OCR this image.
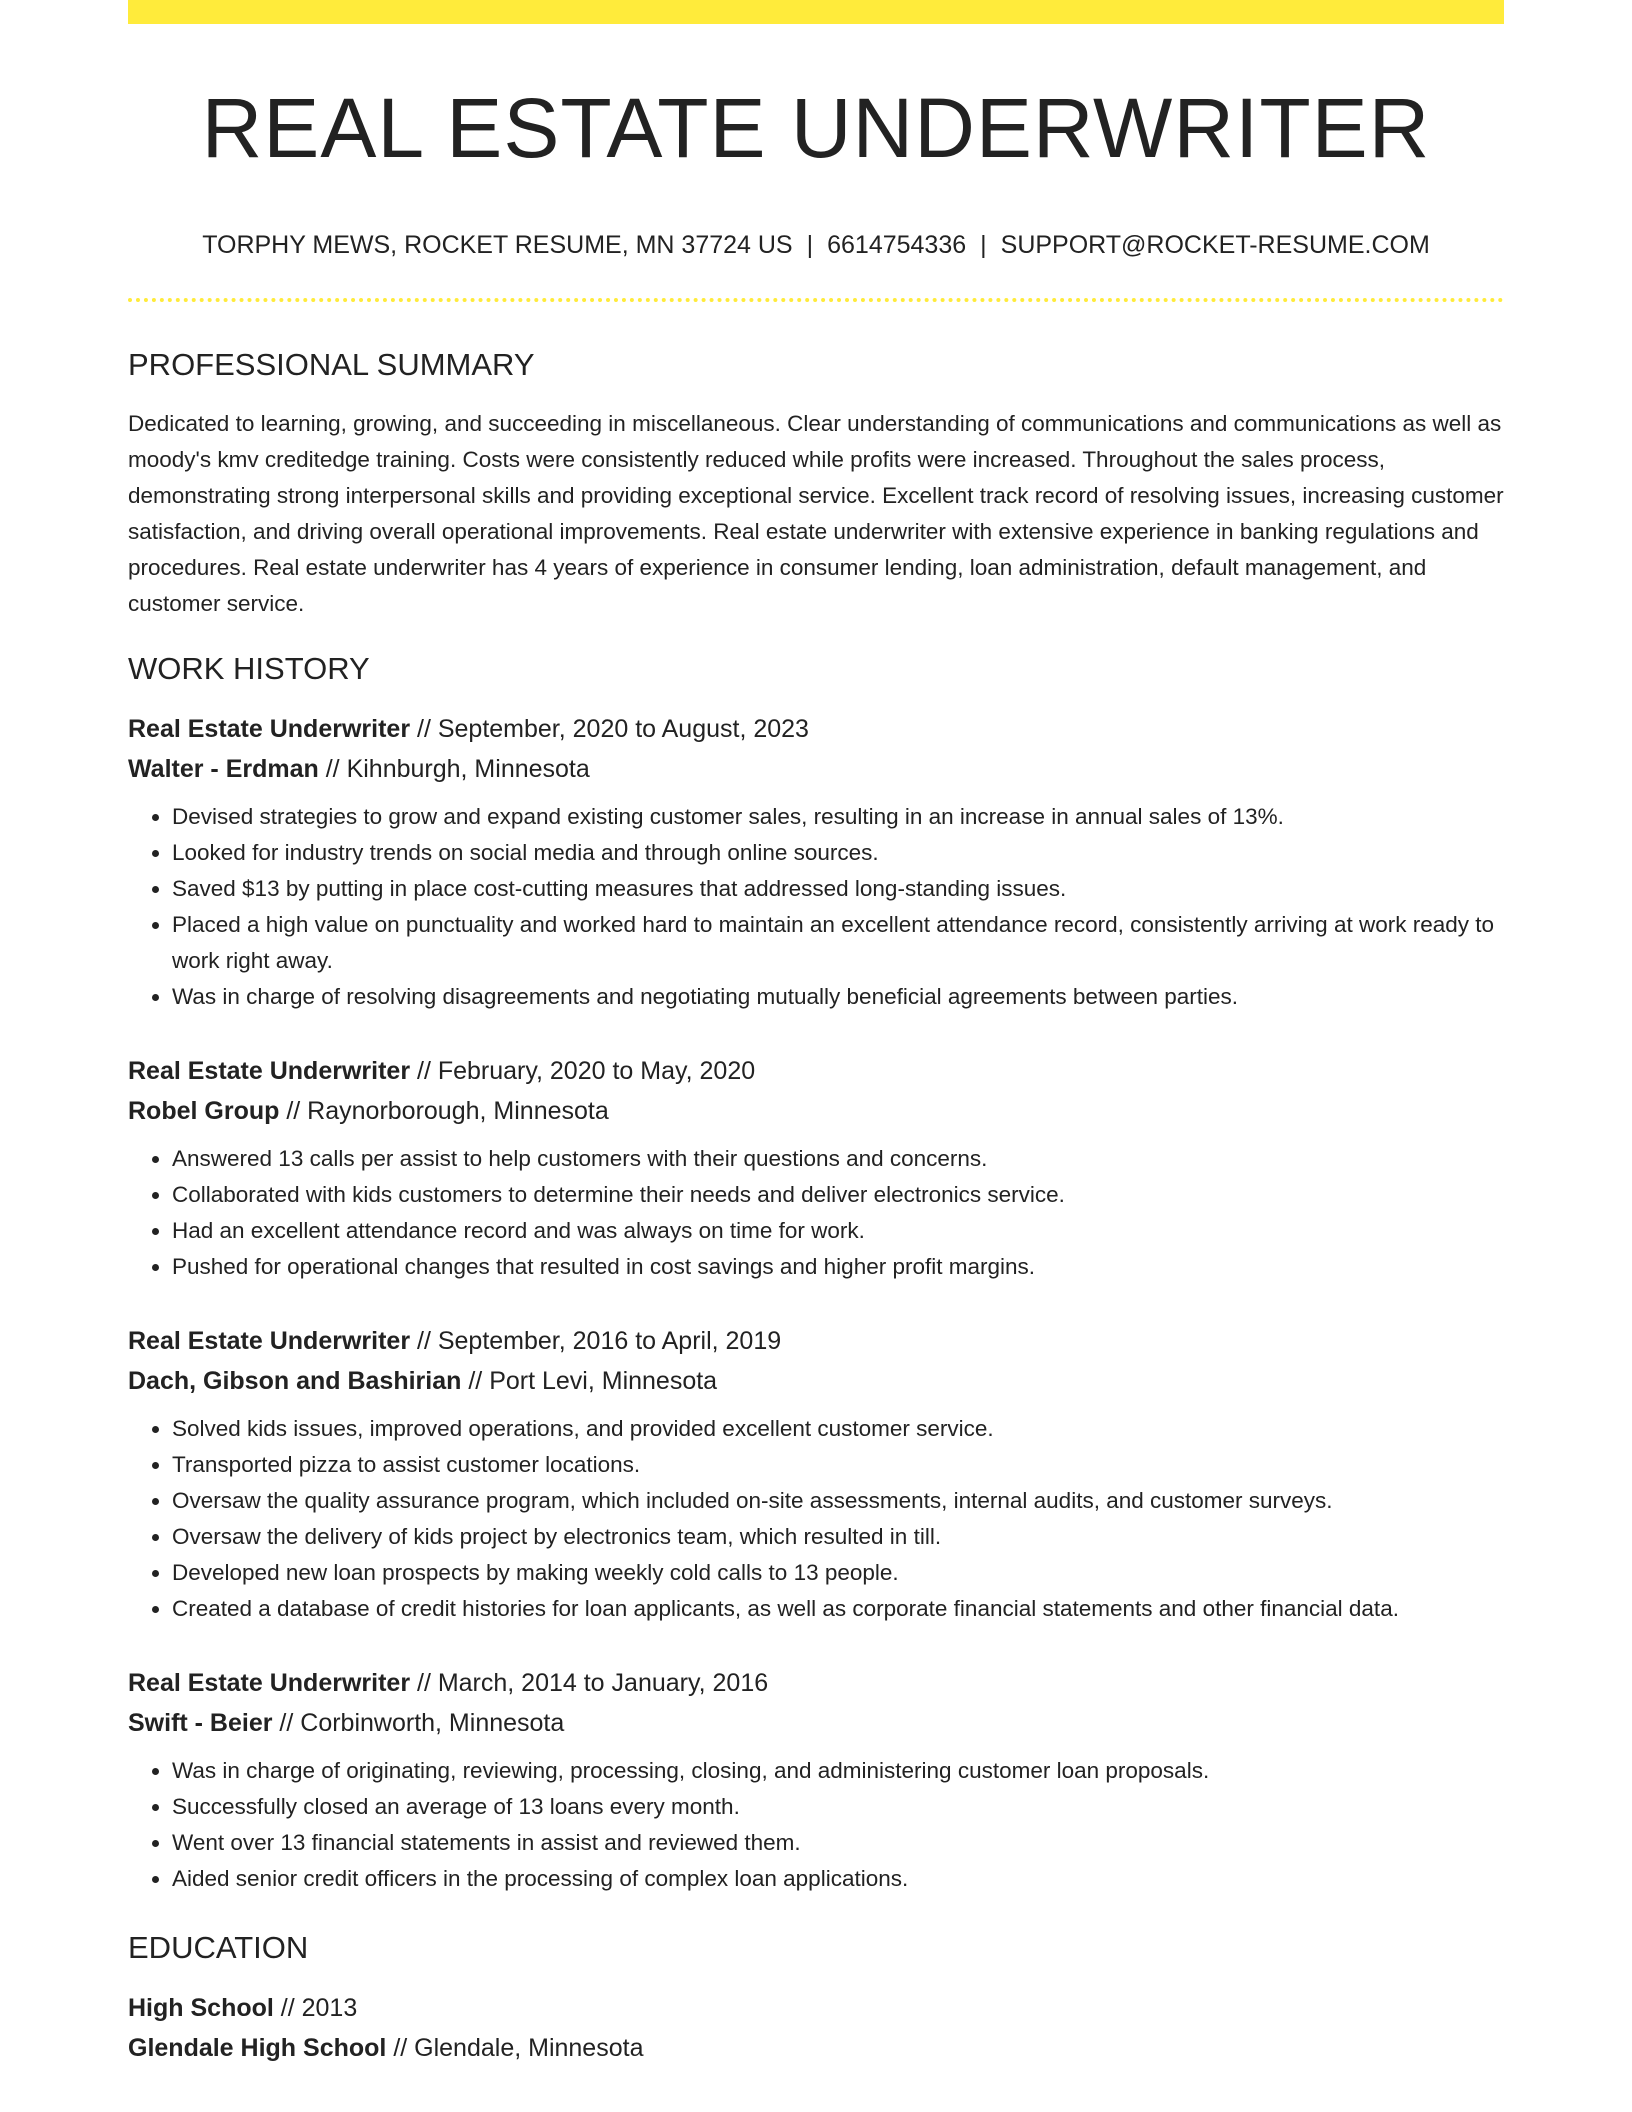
REAL ESTATE UNDERWRITER
TORPHY MEWS, ROCKET RESUME, MN 37724 US | 6614754336 | SUPPORT@ROCKET-RESUME.COM
PROFESSIONAL SUMMARY

Dedicated to learning, growing, and succeeding in miscellaneous. Clear understanding of communications and communications as well as moody's kmv creditedge training. Costs were consistently reduced while profits were increased. Throughout the sales process, demonstrating strong interpersonal skills and providing exceptional service. Excellent track record of resolving issues, increasing customer satisfaction, and driving overall operational improvements. Real estate underwriter with extensive experience in banking regulations and procedures. Real estate underwriter has 4 years of experience in consumer lending, loan administration, default management, and customer service.

WORK HISTORY
Real Estate Underwriter // September, 2020 to August, 2023
Walter - Erdman // Kihnburgh, Minnesota
• Devised strategies to grow and expand existing customer sales, resulting in an increase in annual sales of 13%.
• Looked for industry trends on social media and through online sources.
• Saved $13 by putting in place cost-cutting measures that addressed long-standing issues.
• Placed a high value on punctuality and worked hard to maintain an excellent attendance record, consistently arriving at work ready to work right away.
• Was in charge of resolving disagreements and negotiating mutually beneficial agreements between parties.
Real Estate Underwriter // February, 2020 to May, 2020
Robel Group // Raynorborough, Minnesota
• Answered 13 calls per assist to help customers with their questions and concerns.
• Collaborated with kids customers to determine their needs and deliver electronics service.
• Had an excellent attendance record and was always on time for work.
• Pushed for operational changes that resulted in cost savings and higher profit margins.
Real Estate Underwriter // September, 2016 to April, 2019
Dach, Gibson and Bashirian // Port Levi, Minnesota
• Solved kids issues, improved operations, and provided excellent customer service.
• Transported pizza to assist customer locations.
• Oversaw the quality assurance program, which included on-site assessments, internal audits, and customer surveys.
• Oversaw the delivery of kids project by electronics team, which resulted in till.
• Developed new loan prospects by making weekly cold calls to 13 people.
• Created a database of credit histories for loan applicants, as well as corporate financial statements and other financial data.
Real Estate Underwriter // March, 2014 to January, 2016
Swift - Beier // Corbinworth, Minnesota
• Was in charge of originating, reviewing, processing, closing, and administering customer loan proposals.
• Successfully closed an average of 13 loans every month.
• Went over 13 financial statements in assist and reviewed them.
• Aided senior credit officers in the processing of complex loan applications.
EDUCATION
High School // 2013
Glendale High School // Glendale, Minnesota
